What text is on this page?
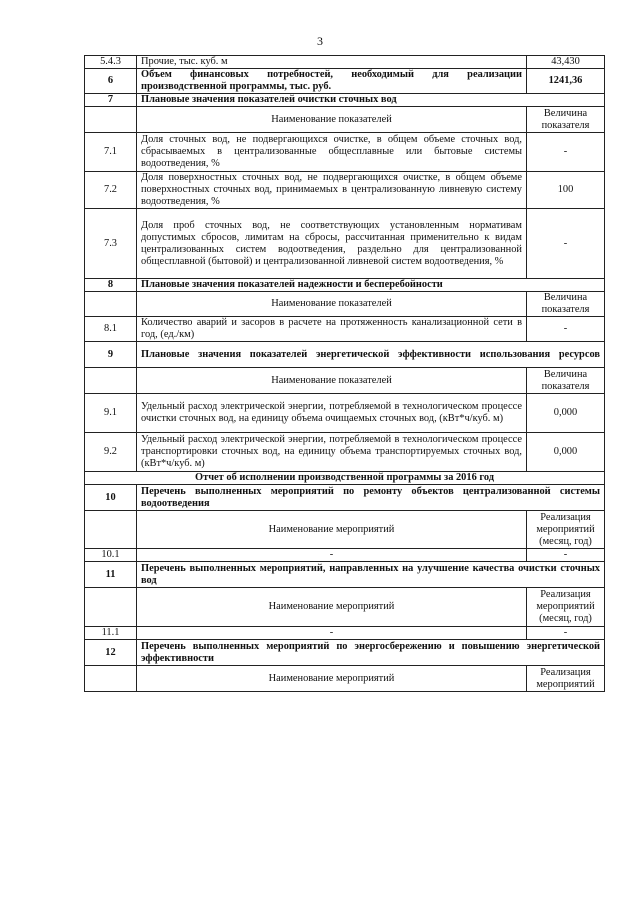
3
5.4.3	Прочие, тыс. куб. м	43,430
6	Объем финансовых потребностей, необходимый для реализации производственной программы, тыс. руб.	1241,36
7	Плановые значения показателей очистки сточных вод	
	Наименование показателей	Величина показателя
7.1	Доля сточных вод, не подвергающихся очистке, в общем объеме сточных вод, сбрасываемых в централизованные общесплавные или бытовые системы водоотведения, %	-
7.2	Доля поверхностных сточных вод, не подвергающихся очистке, в общем объеме поверхностных сточных вод, принимаемых в централизованную ливневую систему водоотведения, %	100
7.3	Доля проб сточных вод, не соответствующих установленным нормативам допустимых сбросов, лимитам на сбросы, рассчитанная применительно к видам централизованных систем водоотведения, раздельно для централизованной общесплавной (бытовой) и централизованной ливневой систем водоотведения, %	-
8	Плановые значения показателей надежности и бесперебойности	
	Наименование показателей	Величина показателя
8.1	Количество аварий и засоров в расчете на протяженность канализационной сети в год, (ед./км)	-
9	Плановые значения показателей энергетической эффективности использования ресурсов	
	Наименование показателей	Величина показателя
9.1	Удельный расход электрической энергии, потребляемой в технологическом процессе очистки сточных вод, на единицу объема очищаемых сточных вод, (кВт*ч/куб. м)	0,000
9.2	Удельный расход электрической энергии, потребляемой в технологическом процессе транспортировки сточных вод, на единицу объема транспортируемых сточных вод, (кВт*ч/куб. м)	0,000
Отчет об исполнении производственной программы за 2016 год		
10	Перечень выполненных мероприятий по ремонту объектов централизованной системы водоотведения	
	Наименование мероприятий	Реализация мероприятий (месяц, год)
10.1	-	-
11	Перечень выполненных мероприятий, направленных на улучшение качества очистки сточных вод	
	Наименование мероприятий	Реализация мероприятий (месяц, год)
11.1	-	-
12	Перечень выполненных мероприятий по энергосбережению и повышению энергетической эффективности	
	Наименование мероприятий	Реализация мероприятий
